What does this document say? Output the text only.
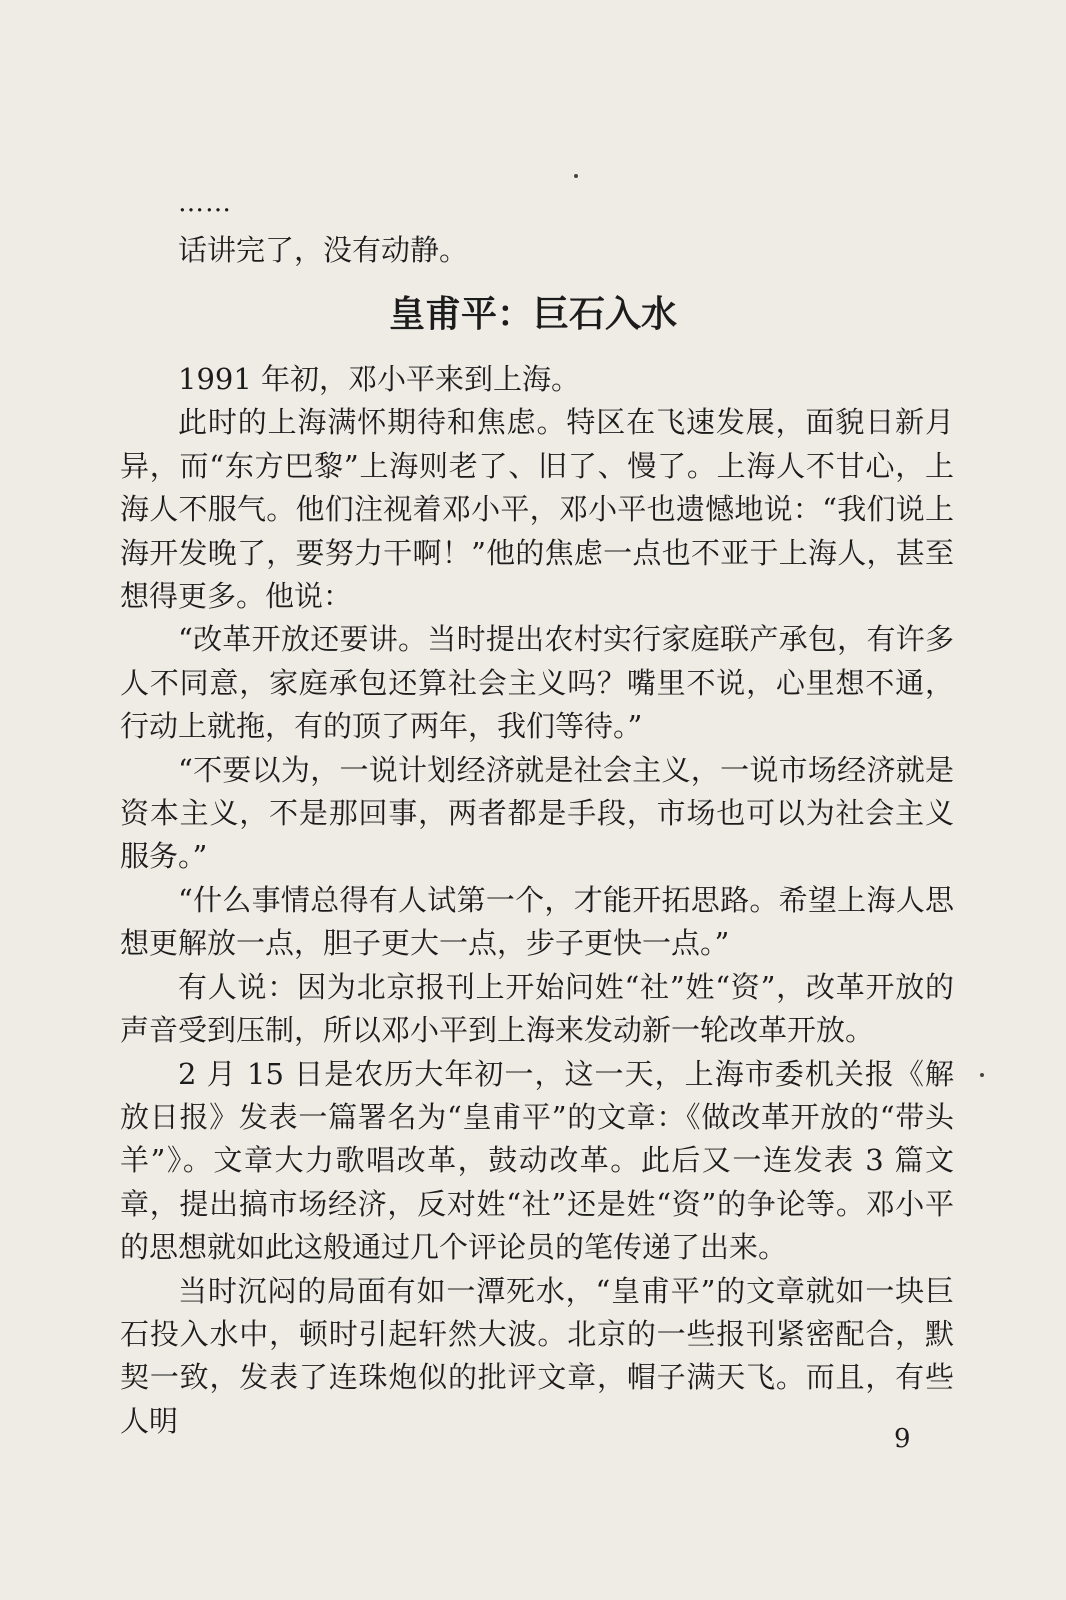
……

话讲完了，没有动静。

皇甫平：巨石入水

1991 年初，邓小平来到上海。

此时的上海满怀期待和焦虑。特区在飞速发展，面貌日新月异，而“东方巴黎”上海则老了、旧了、慢了。上海人不甘心，上海人不服气。他们注视着邓小平，邓小平也遗憾地说：“我们说上海开发晚了，要努力干啊！”他的焦虑一点也不亚于上海人，甚至想得更多。他说：

“改革开放还要讲。当时提出农村实行家庭联产承包，有许多人不同意，家庭承包还算社会主义吗？嘴里不说，心里想不通，行动上就拖，有的顶了两年，我们等待。”

“不要以为，一说计划经济就是社会主义，一说市场经济就是资本主义，不是那回事，两者都是手段，市场也可以为社会主义服务。”

“什么事情总得有人试第一个，才能开拓思路。希望上海人思想更解放一点，胆子更大一点，步子更快一点。”

有人说：因为北京报刊上开始问姓“社”姓“资”，改革开放的声音受到压制，所以邓小平到上海来发动新一轮改革开放。

2 月 15 日是农历大年初一，这一天，上海市委机关报《解放日报》发表一篇署名为“皇甫平”的文章：《做改革开放的“带头羊”》。文章大力歌唱改革，鼓动改革。此后又一连发表 3 篇文章，提出搞市场经济，反对姓“社”还是姓“资”的争论等。邓小平的思想就如此这般通过几个评论员的笔传递了出来。

当时沉闷的局面有如一潭死水，“皇甫平”的文章就如一块巨石投入水中，顿时引起轩然大波。北京的一些报刊紧密配合，默契一致，发表了连珠炮似的批评文章，帽子满天飞。而且，有些人明

9
